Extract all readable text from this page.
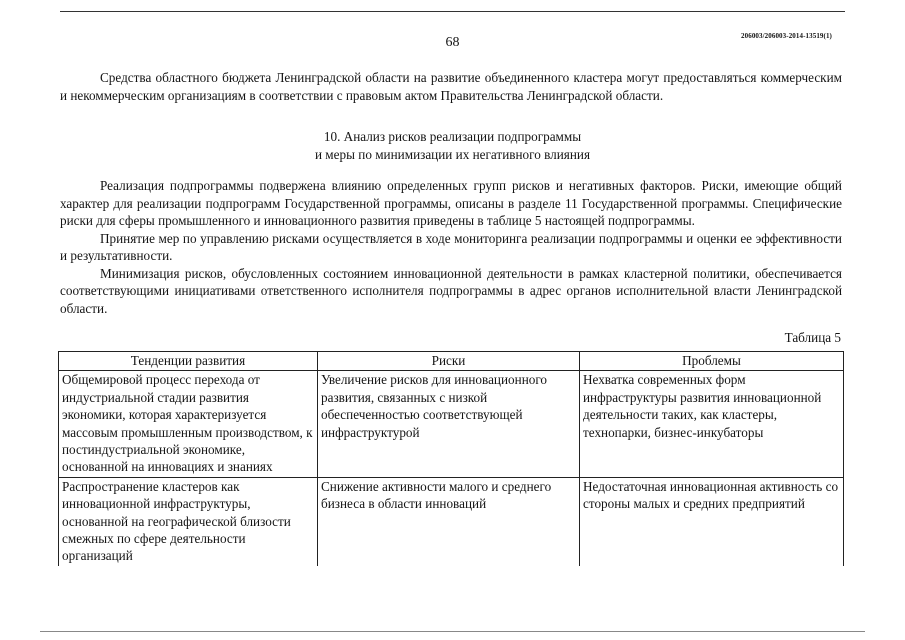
68	206003/206003-2014-13519(1)

Средства областного бюджета Ленинградской области на развитие объединенного кластера могут предоставляться коммерческим и некоммерческим организациям в соответствии с правовым актом Правительства Ленинградской области.

10. Анализ рисков реализации подпрограммы
и меры по минимизации их негативного влияния

Реализация подпрограммы подвержена влиянию определенных групп рисков и негативных факторов. Риски, имеющие общий характер для реализации подпрограмм Государственной программы, описаны в разделе 11 Государственной программы. Специфические риски для сферы промышленного и инновационного развития приведены в таблице 5 настоящей подпрограммы.

Принятие мер по управлению рисками осуществляется в ходе мониторинга реализации подпрограммы и оценки ее эффективности и результативности.

Минимизация рисков, обусловленных состоянием инновационной деятельности в рамках кластерной политики, обеспечивается соответствующими инициативами ответственного исполнителя подпрограммы в адрес органов исполнительной власти Ленинградской области.

Таблица 5
Тенденции развития	Риски	Проблемы
Общемировой процесс перехода от индустриальной стадии развития экономики, которая характеризуется массовым промышленным производством, к постиндустриальной экономике, основанной на инновациях и знаниях	Увеличение рисков для инновационного развития, связанных с низкой обеспеченностью соответствующей инфраструктурой	Нехватка современных форм инфраструктуры развития инновационной деятельности таких, как кластеры, технопарки, бизнес-инкубаторы
Распространение кластеров как инновационной инфраструктуры, основанной на географической близости смежных по сфере деятельности организаций	Снижение активности малого и среднего бизнеса в области инноваций	Недостаточная инновационная активность со стороны малых и средних предприятий
